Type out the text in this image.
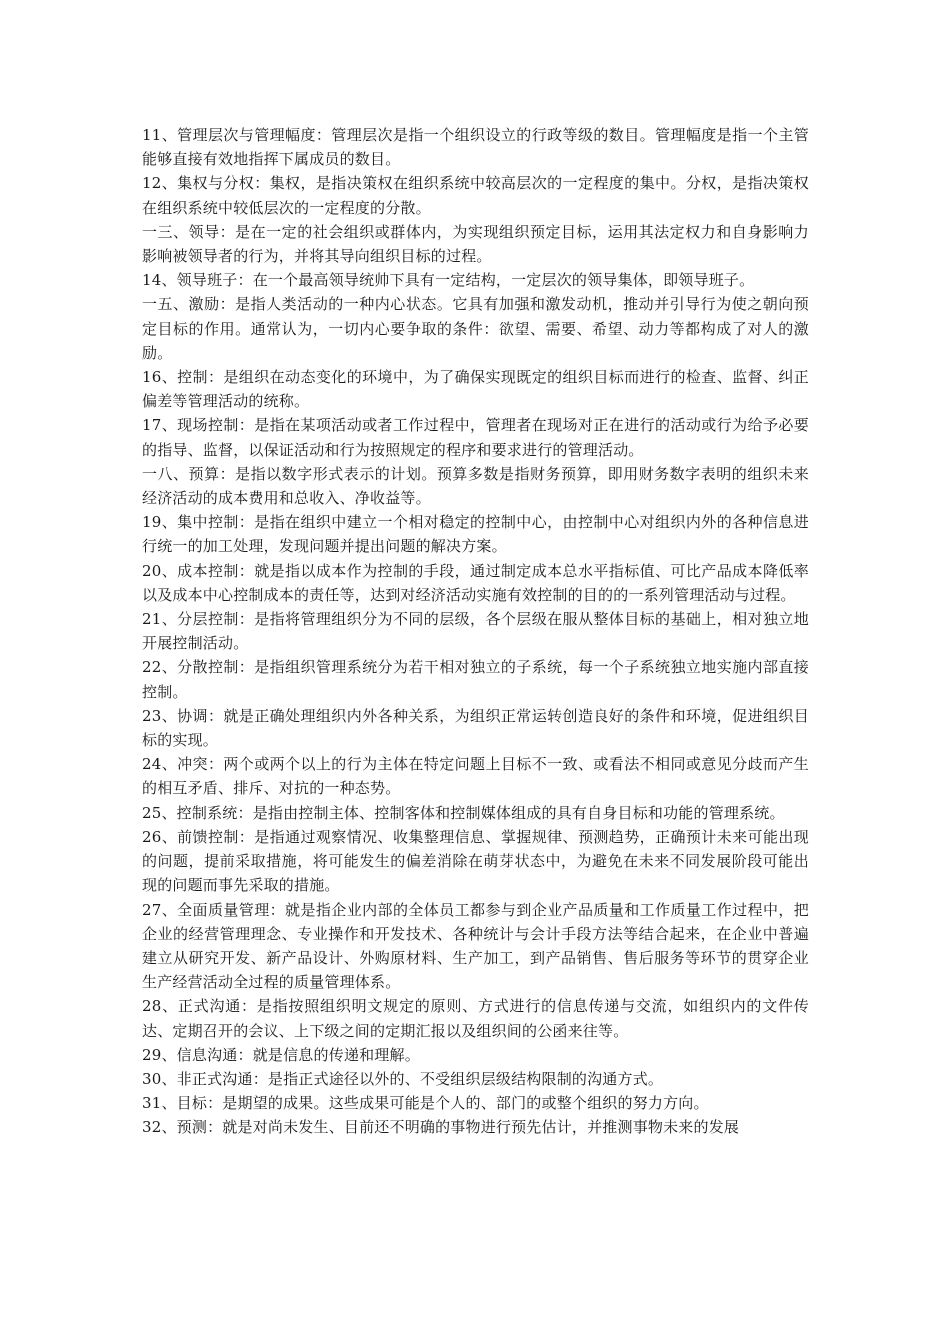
11、管理层次与管理幅度：管理层次是指一个组织设立的行政等级的数目。管理幅度是指一个主管能够直接有效地指挥下属成员的数目。

12、集权与分权：集权，是指决策权在组织系统中较高层次的一定程度的集中。分权，是指决策权在组织系统中较低层次的一定程度的分散。

一三、领导：是在一定的社会组织或群体内，为实现组织预定目标，运用其法定权力和自身影响力影响被领导者的行为，并将其导向组织目标的过程。

14、领导班子：在一个最高领导统帅下具有一定结构，一定层次的领导集体，即领导班子。

一五、激励：是指人类活动的一种内心状态。它具有加强和激发动机，推动并引导行为使之朝向预定目标的作用。通常认为，一切内心要争取的条件：欲望、需要、希望、动力等都构成了对人的激励。

16、控制：是组织在动态变化的环境中，为了确保实现既定的组织目标而进行的检查、监督、纠正偏差等管理活动的统称。

17、现场控制：是指在某项活动或者工作过程中，管理者在现场对正在进行的活动或行为给予必要的指导、监督，以保证活动和行为按照规定的程序和要求进行的管理活动。

一八、预算：是指以数字形式表示的计划。预算多数是指财务预算，即用财务数字表明的组织未来经济活动的成本费用和总收入、净收益等。

19、集中控制：是指在组织中建立一个相对稳定的控制中心，由控制中心对组织内外的各种信息进行统一的加工处理，发现问题并提出问题的解决方案。

20、成本控制：就是指以成本作为控制的手段，通过制定成本总水平指标值、可比产品成本降低率以及成本中心控制成本的责任等，达到对经济活动实施有效控制的目的的一系列管理活动与过程。

21、分层控制：是指将管理组织分为不同的层级，各个层级在服从整体目标的基础上，相对独立地开展控制活动。

22、分散控制：是指组织管理系统分为若干相对独立的子系统，每一个子系统独立地实施内部直接控制。

23、协调：就是正确处理组织内外各种关系，为组织正常运转创造良好的条件和环境，促进组织目标的实现。

24、冲突：两个或两个以上的行为主体在特定问题上目标不一致、或看法不相同或意见分歧而产生的相互矛盾、排斥、对抗的一种态势。

25、控制系统：是指由控制主体、控制客体和控制媒体组成的具有自身目标和功能的管理系统。

26、前馈控制：是指通过观察情况、收集整理信息、掌握规律、预测趋势，正确预计未来可能出现的问题，提前采取措施，将可能发生的偏差消除在萌芽状态中，为避免在未来不同发展阶段可能出现的问题而事先采取的措施。

27、全面质量管理：就是指企业内部的全体员工都参与到企业产品质量和工作质量工作过程中，把企业的经营管理理念、专业操作和开发技术、各种统计与会计手段方法等结合起来，在企业中普遍建立从研究开发、新产品设计、外购原材料、生产加工，到产品销售、售后服务等环节的贯穿企业生产经营活动全过程的质量管理体系。

28、正式沟通：是指按照组织明文规定的原则、方式进行的信息传递与交流，如组织内的文件传达、定期召开的会议、上下级之间的定期汇报以及组织间的公函来往等。

29、信息沟通：就是信息的传递和理解。

30、非正式沟通：是指正式途径以外的、不受组织层级结构限制的沟通方式。

31、目标：是期望的成果。这些成果可能是个人的、部门的或整个组织的努力方向。

32、预测：就是对尚未发生、目前还不明确的事物进行预先估计，并推测事物未来的发展
